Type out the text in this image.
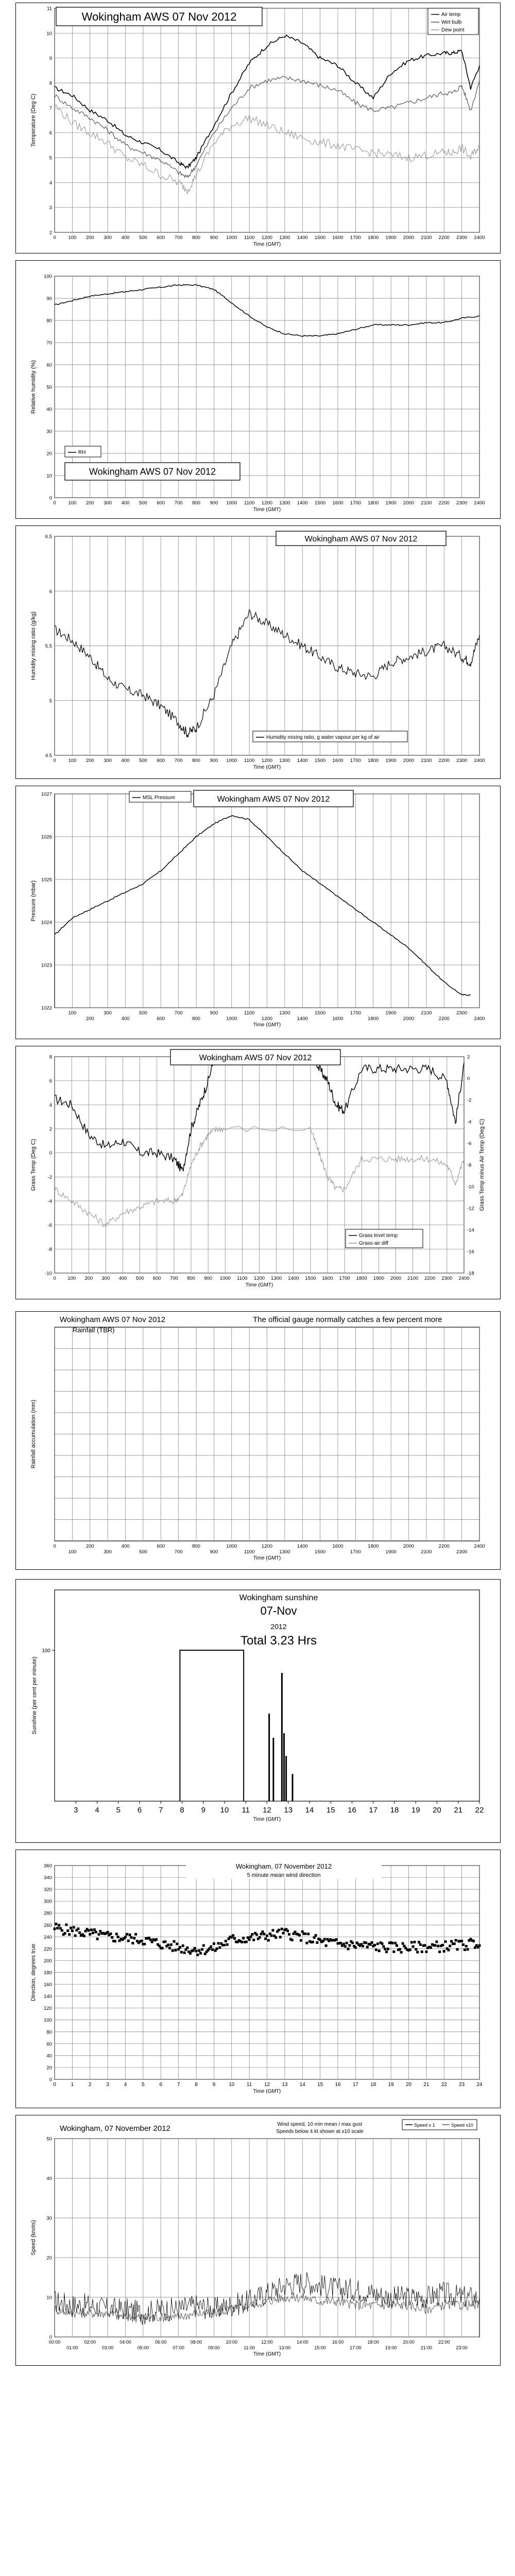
0	100 200 300 400 500 600 700 800 900 1000 1100 1200 1300 1400 1500 1600 1700 1800 1900 2000 2100 2200 2300 2400
2
3
4
5
6
7
8
9
10
11
Time (GMT)
Temperature (Deg C)
Wokingham AWS 07 Nov 2012	Air temp
Wet bulb
Dew point
0	100 200 300 400 500 600 700 800 900 1000 1100 1200 1300 1400 1500 1600 1700 1800 1900 2000 2100 2200 2300 2400
0
10
20
30
40
50
60
70
80
90
100
Time (GMT)
Relative humidity (%)
RH
Wokingham AWS 07 Nov 2012
0	100 200 300 400 500 600 700 800 900 1000 1100 1200 1300 1400 1500 1600 1700 1800 1900 2000 2100 2200 2300 2400
4.5
5
5.5
6
6.5
Time (GMT)
Humidity mixing ratio (g/kg)
Wokingham AWS 07 Nov 2012
Humidity mixing ratio, g water vapour per kg of air
100
200
300
400
500
600
700
800
900
1000
1100
1200
1300
1400
1500
1600
1700
1800
1900
2000
2100
2200
2300
2400
1022
1023
1024
1025
1026
1027
Time (GMT)
Pressure (mbar)
MSL Pressure	Wokingham AWS 07 Nov 2012
0 100 200 300 400 500 600 700 800 900 1000 1100 1200 1300 1400 1500 1600 1700 1800 1900 2000 2100 2200 2300 2400
-10
-8
-6
-4
-2
0
2
4
6
8
Time (GMT)
Grass Temp (Deg C)
2
0
-2
-4
-6
-8
-10
-12
-14
-16
-18
Grass Temp minus Air Temp (Deg C)
Wokingham AWS 07 Nov 2012
Grass level temp
Grass-air diff
0
100
200
300
400
500
600
700
800
900
1000
1100
1200
1300
1400
1500
1600
1700
1800
1900
2000
2100
2200
2300
2400
Time (GMT)
Rainfall accumulation (mm)
Wokingham AWS 07 Nov 2012
Rainfall (TBR)
The official gauge normally catches a few percent more
3 4 5 6 7 8 9 10 11 12 13 14 15 16 17 18 19 20 21 22
100
Time (GMT)
Sunshine (per cent per minute)
Wokingham sunshine
07-Nov
2012
Total 3.23 Hrs
0	1	2	3	4	5	6	7	8	9	10 11 12 13 14 15 16 17 18 19 20 21 22 23 24
0
20
40
60
80
100
120
140
160
180
200
220
240
260
280
300
320
340
360
Time (GMT)
Direction, degrees true
Wokingham, 07 November 2012
5 minute mean wind direction
00:00
01:00
02:00
03:00
04:00
05:00
06:00
07:00
08:00
09:00
10:00
11:00
12:00
13:00
14:00
15:00
16:00
17:00
18:00
19:00
20:00
21:00
22:00
23:00
0
10
20
30
40
50
Time (GMT)
Speed (knots)
Wokingham, 07 November 2012	Wind speed, 10 min mean / max gust
Speeds below 4 kt shown at x10 scale
Speed x 1	Speed x10
